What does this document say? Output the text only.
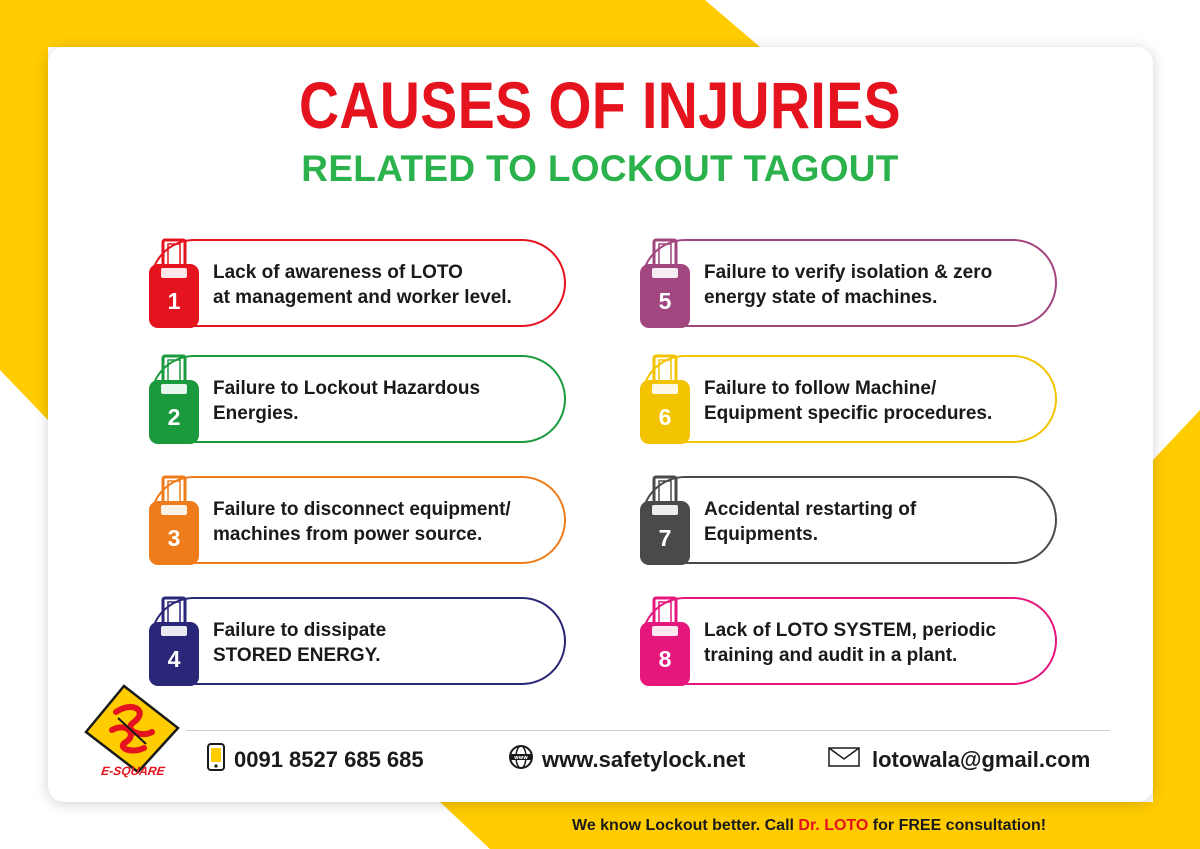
CAUSES OF INJURIES
RELATED TO LOCKOUT TAGOUT
Lack of awareness of LOTO
at management and worker level.
Failure to Lockout Hazardous
Energies.
Failure to disconnect equipment/
machines from power source.
Failure to dissipate
STORED ENERGY.
Failure to verify isolation & zero
energy state of machines.
Failure to follow Machine/
Equipment specific procedures.
Accidental restarting of
Equipments.
Lack of LOTO SYSTEM, periodic
training and audit in a plant.
1
2
3
4
5
6
7
8
E-SQUARE	0091 8527 685 685	www www.safetylock.net	lotowala@gmail.com
We know Lockout better. Call Dr. LOTO for FREE consultation!
